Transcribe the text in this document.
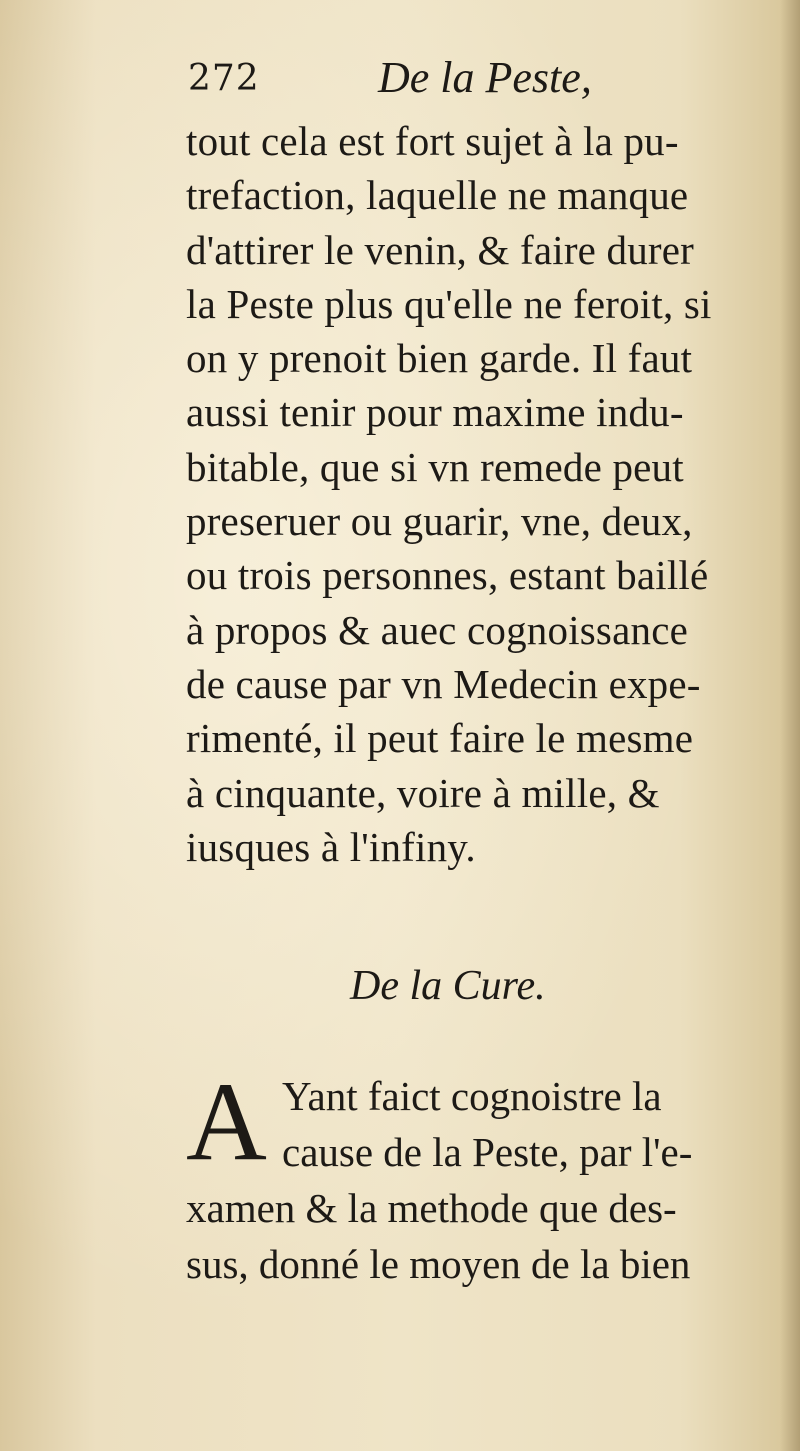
272	De la Peste,
tout cela est fort sujet à la pu-
trefaction, laquelle ne manque
d'attirer le venin, & faire durer
la Peste plus qu'elle ne feroit, si
on y prenoit bien garde. Il faut
aussi tenir pour maxime indu-
bitable, que si vn remede peut
preseruer ou guarir, vne, deux,
ou trois personnes, estant baillé
à propos & auec cognoissance
de cause par vn Medecin expe-
rimenté, il peut faire le mesme
à cinquante, voire à mille, &
iusques à l'infiny.
De la Cure.
A Yant faict cognoistre la
cause de la Peste, par l'e-
xamen & la methode que des-
sus, donné le moyen de la bien
